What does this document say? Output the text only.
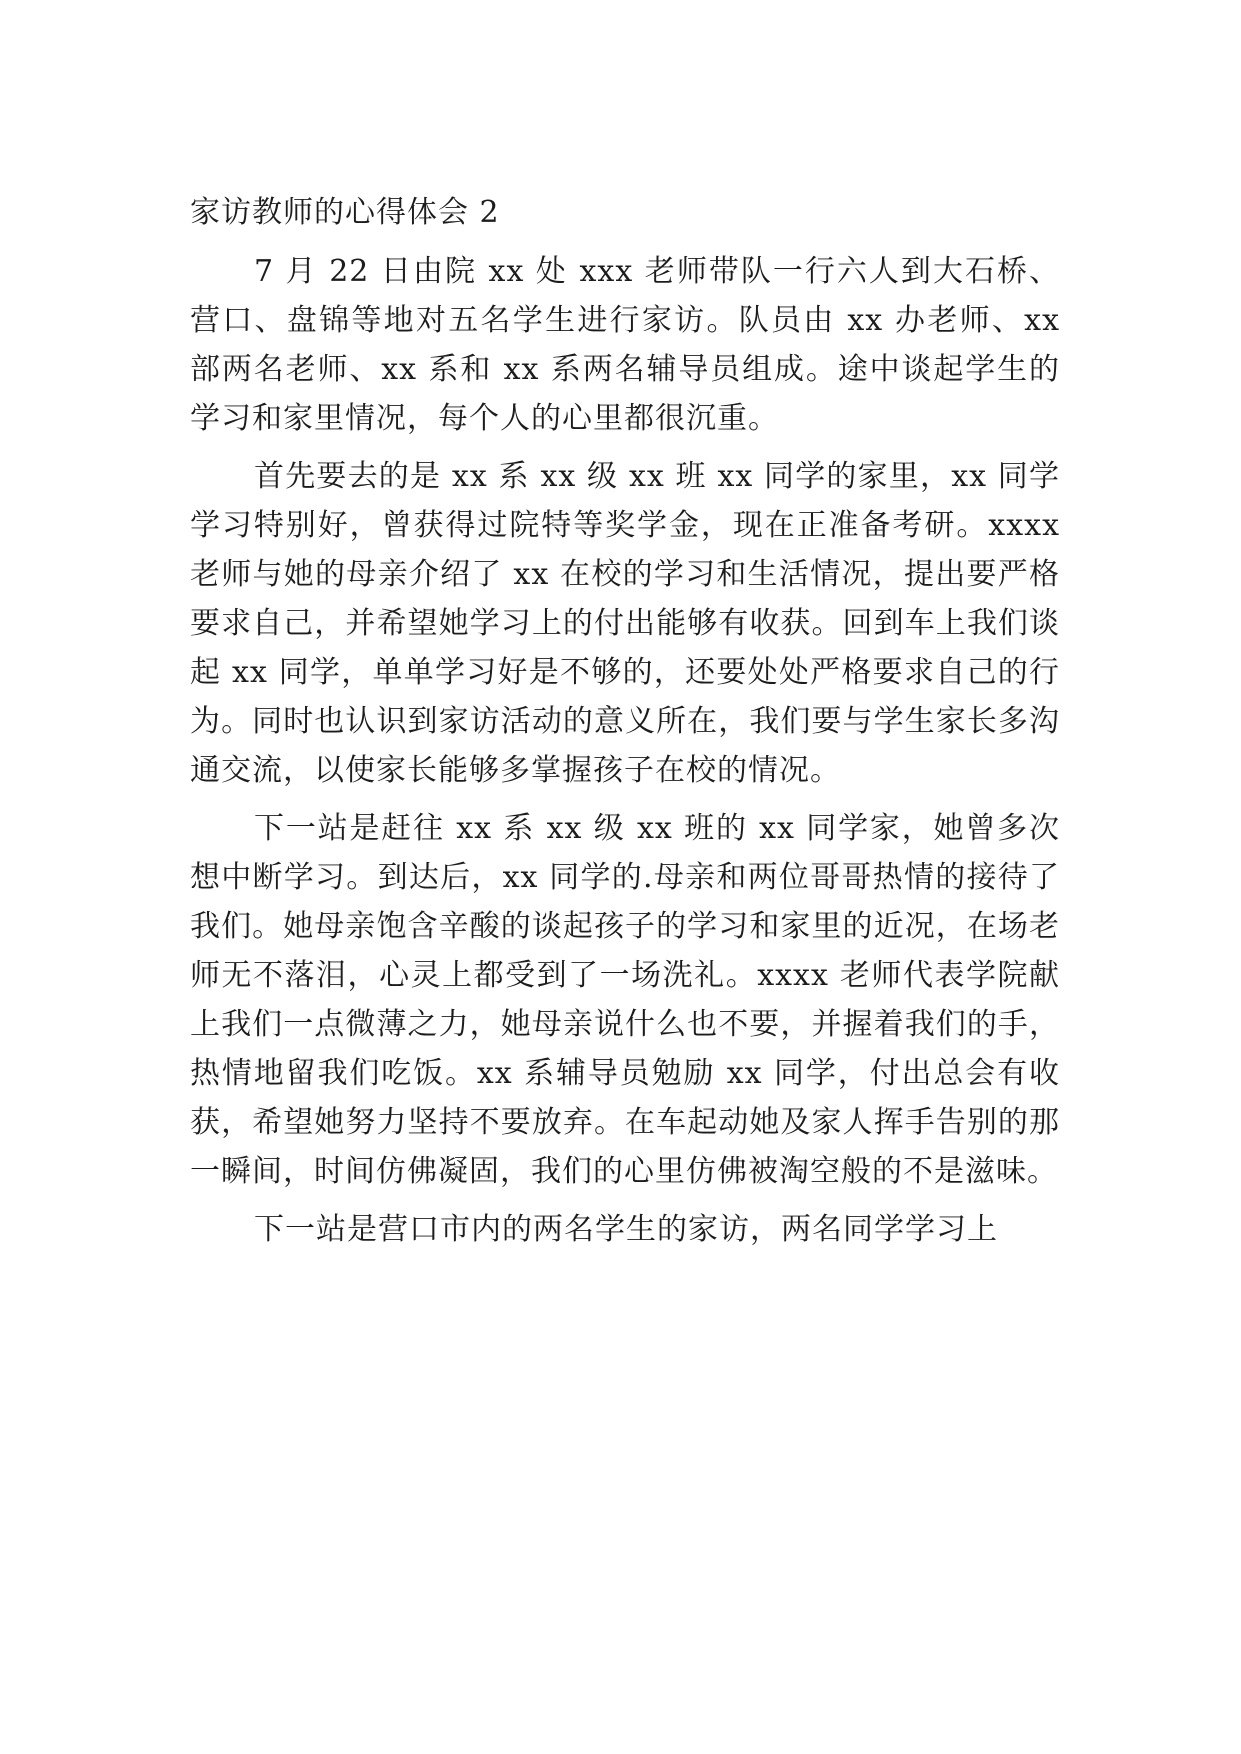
家访教师的心得体会 2

7 月 22 日由院 xx 处 xxx 老师带队一行六人到大石桥、营口、盘锦等地对五名学生进行家访。队员由 xx 办老师、xx 部两名老师、xx 系和 xx 系两名辅导员组成。途中谈起学生的学习和家里情况，每个人的心里都很沉重。

首先要去的是 xx 系 xx 级 xx 班 xx 同学的家里，xx 同学学习特别好，曾获得过院特等奖学金，现在正准备考研。xxxx 老师与她的母亲介绍了 xx 在校的学习和生活情况，提出要严格要求自己，并希望她学习上的付出能够有收获。回到车上我们谈起 xx 同学，单单学习好是不够的，还要处处严格要求自己的行为。同时也认识到家访活动的意义所在，我们要与学生家长多沟通交流，以使家长能够多掌握孩子在校的情况。

下一站是赶往 xx 系 xx 级 xx 班的 xx 同学家，她曾多次想中断学习。到达后，xx 同学的.母亲和两位哥哥热情的接待了我们。她母亲饱含辛酸的谈起孩子的学习和家里的近况，在场老师无不落泪，心灵上都受到了一场洗礼。xxxx 老师代表学院献上我们一点微薄之力，她母亲说什么也不要，并握着我们的手，热情地留我们吃饭。xx 系辅导员勉励 xx 同学，付出总会有收获，希望她努力坚持不要放弃。在车起动她及家人挥手告别的那一瞬间，时间仿佛凝固，我们的心里仿佛被淘空般的不是滋味。

下一站是营口市内的两名学生的家访，两名同学学习上
